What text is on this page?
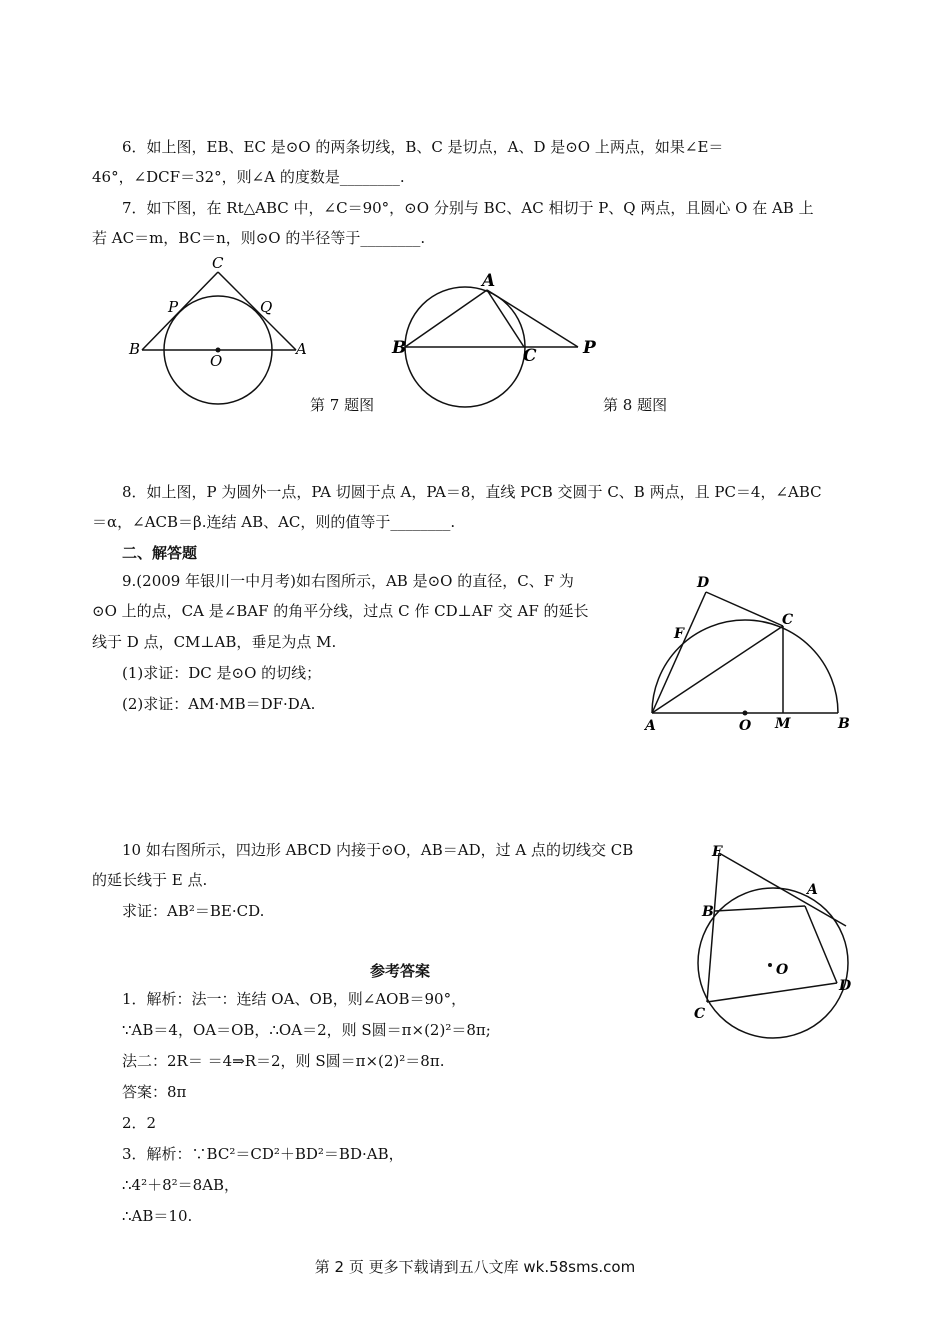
6．如上图，EB、EC 是⊙O 的两条切线，B、C 是切点，A、D 是⊙O 上两点，如果∠E＝
46°，∠DCF＝32°，则∠A 的度数是________.
7．如下图，在 Rt△ABC 中，∠C＝90°，⊙O 分别与 BC、AC 相切于 P、Q 两点，且圆心 O 在 AB 上
若 AC＝m，BC＝n，则⊙O 的半径等于________.
C
P	Q
B
O
A
第 7 题图
A
B	C	P
第 8 题图
8．如上图，P 为圆外一点，PA 切圆于点 A，PA＝8，直线 PCB 交圆于 C、B 两点，且 PC＝4，∠ABC
＝α，∠ACB＝β.连结 AB、AC，则的值等于________.
二、解答题
9.(2009 年银川一中月考)如右图所示，AB 是⊙O 的直径，C、F 为
⊙O 上的点，CA 是∠BAF 的角平分线，过点 C 作 CD⊥AF 交 AF 的延长
线于 D 点，CM⊥AB，垂足为点 M.
(1)求证：DC 是⊙O 的切线；
(2)求证：AM·MB＝DF·DA.
D
F
C
A	O M	B
10 如右图所示，四边形 ABCD 内接于⊙O，AB＝AD，过 A 点的切线交 CB
的延长线于 E 点.
求证：AB²＝BE·CD.
E
A
B
O
C
D
参考答案
1．解析：法一：连结 OA、OB，则∠AOB＝90°，
∵AB＝4，OA＝OB，∴OA＝2，则 S圆＝π×(2)²＝8π;
法二：2R＝ ＝4⇒R＝2，则 S圆＝π×(2)²＝8π.
答案：8π
2．2
3．解析：∵BC²＝CD²＋BD²＝BD·AB，
∴4²＋8²＝8AB，
∴AB＝10.
第 2 页 更多下载请到五八文库 wk.58sms.com
